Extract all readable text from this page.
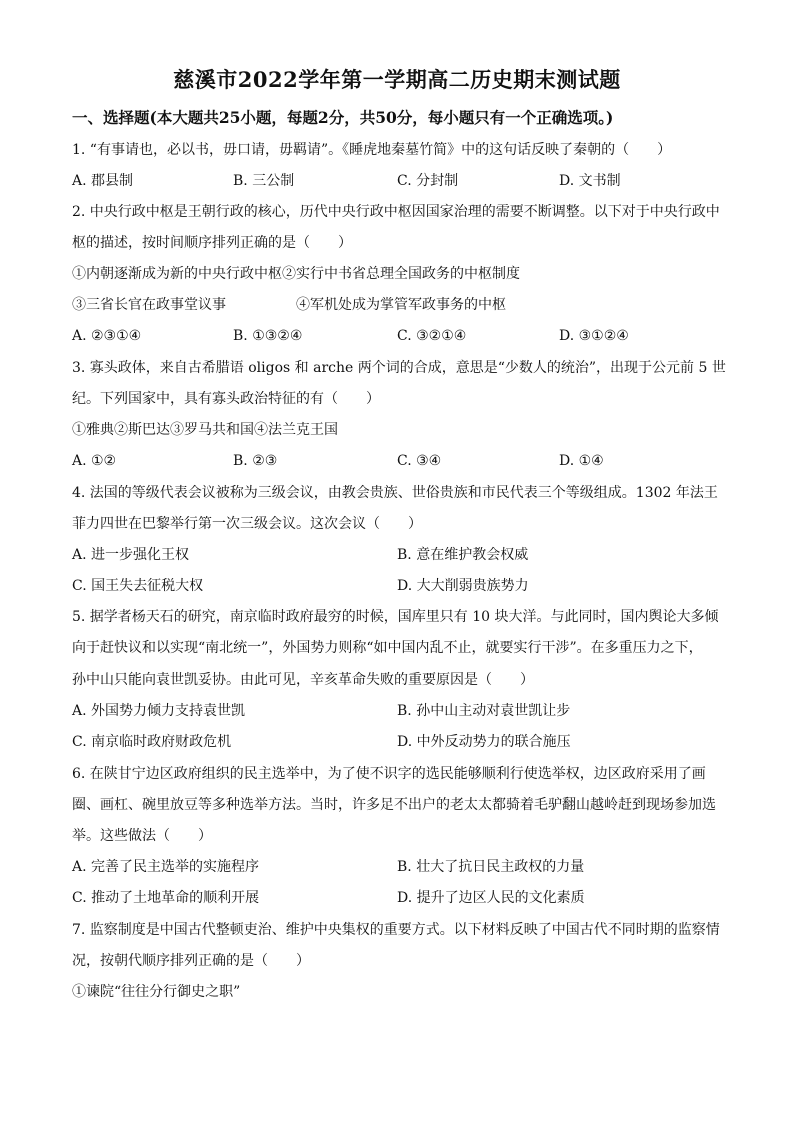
慈溪市2022学年第一学期高二历史期末测试题
一、选择题(本大题共25小题，每题2分，共50分，每小题只有一个正确选项。)
1. “有事请也，必以书，毋口请，毋羁请”。《睡虎地秦墓竹简》中的这句话反映了秦朝的（　　）
A. 郡县制	B. 三公制	C. 分封制	D. 文书制
2. 中央行政中枢是王朝行政的核心，历代中央行政中枢因国家治理的需要不断调整。以下对于中央行政中
枢的描述，按时间顺序排列正确的是（　　）
①内朝逐渐成为新的中央行政中枢②实行中书省总理全国政务的中枢制度
③三省长官在政事堂议事　　　　　④军机处成为掌管军政事务的中枢
A. ②③①④	B. ①③②④	C. ③②①④	D. ③①②④
3. 寡头政体，来自古希腊语 oligos 和 arche 两个词的合成，意思是“少数人的统治”，出现于公元前 5 世
纪。下列国家中，具有寡头政治特征的有（　　）
①雅典②斯巴达③罗马共和国④法兰克王国
A. ①②	B. ②③	C. ③④	D. ①④
4. 法国的等级代表会议被称为三级会议，由教会贵族、世俗贵族和市民代表三个等级组成。1302 年法王
菲力四世在巴黎举行第一次三级会议。这次会议（　　）
A. 进一步强化王权	B. 意在维护教会权威
C. 国王失去征税大权	D. 大大削弱贵族势力
5. 据学者杨天石的研究，南京临时政府最穷的时候，国库里只有 10 块大洋。与此同时，国内舆论大多倾
向于赶快议和以实现“南北统一”，外国势力则称“如中国内乱不止，就要实行干涉”。在多重压力之下，
孙中山只能向袁世凯妥协。由此可见，辛亥革命失败的重要原因是（　　）
A. 外国势力倾力支持袁世凯	B. 孙中山主动对袁世凯让步
C. 南京临时政府财政危机	D. 中外反动势力的联合施压
6. 在陕甘宁边区政府组织的民主选举中，为了使不识字的选民能够顺利行使选举权，边区政府采用了画
圈、画杠、碗里放豆等多种选举方法。当时，许多足不出户的老太太都骑着毛驴翻山越岭赶到现场参加选
举。这些做法（　　）
A. 完善了民主选举的实施程序	B. 壮大了抗日民主政权的力量
C. 推动了土地革命的顺利开展	D. 提升了边区人民的文化素质
7. 监察制度是中国古代整顿吏治、维护中央集权的重要方式。以下材料反映了中国古代不同时期的监察情
况，按朝代顺序排列正确的是（　　）
①谏院“往往分行御史之职”
